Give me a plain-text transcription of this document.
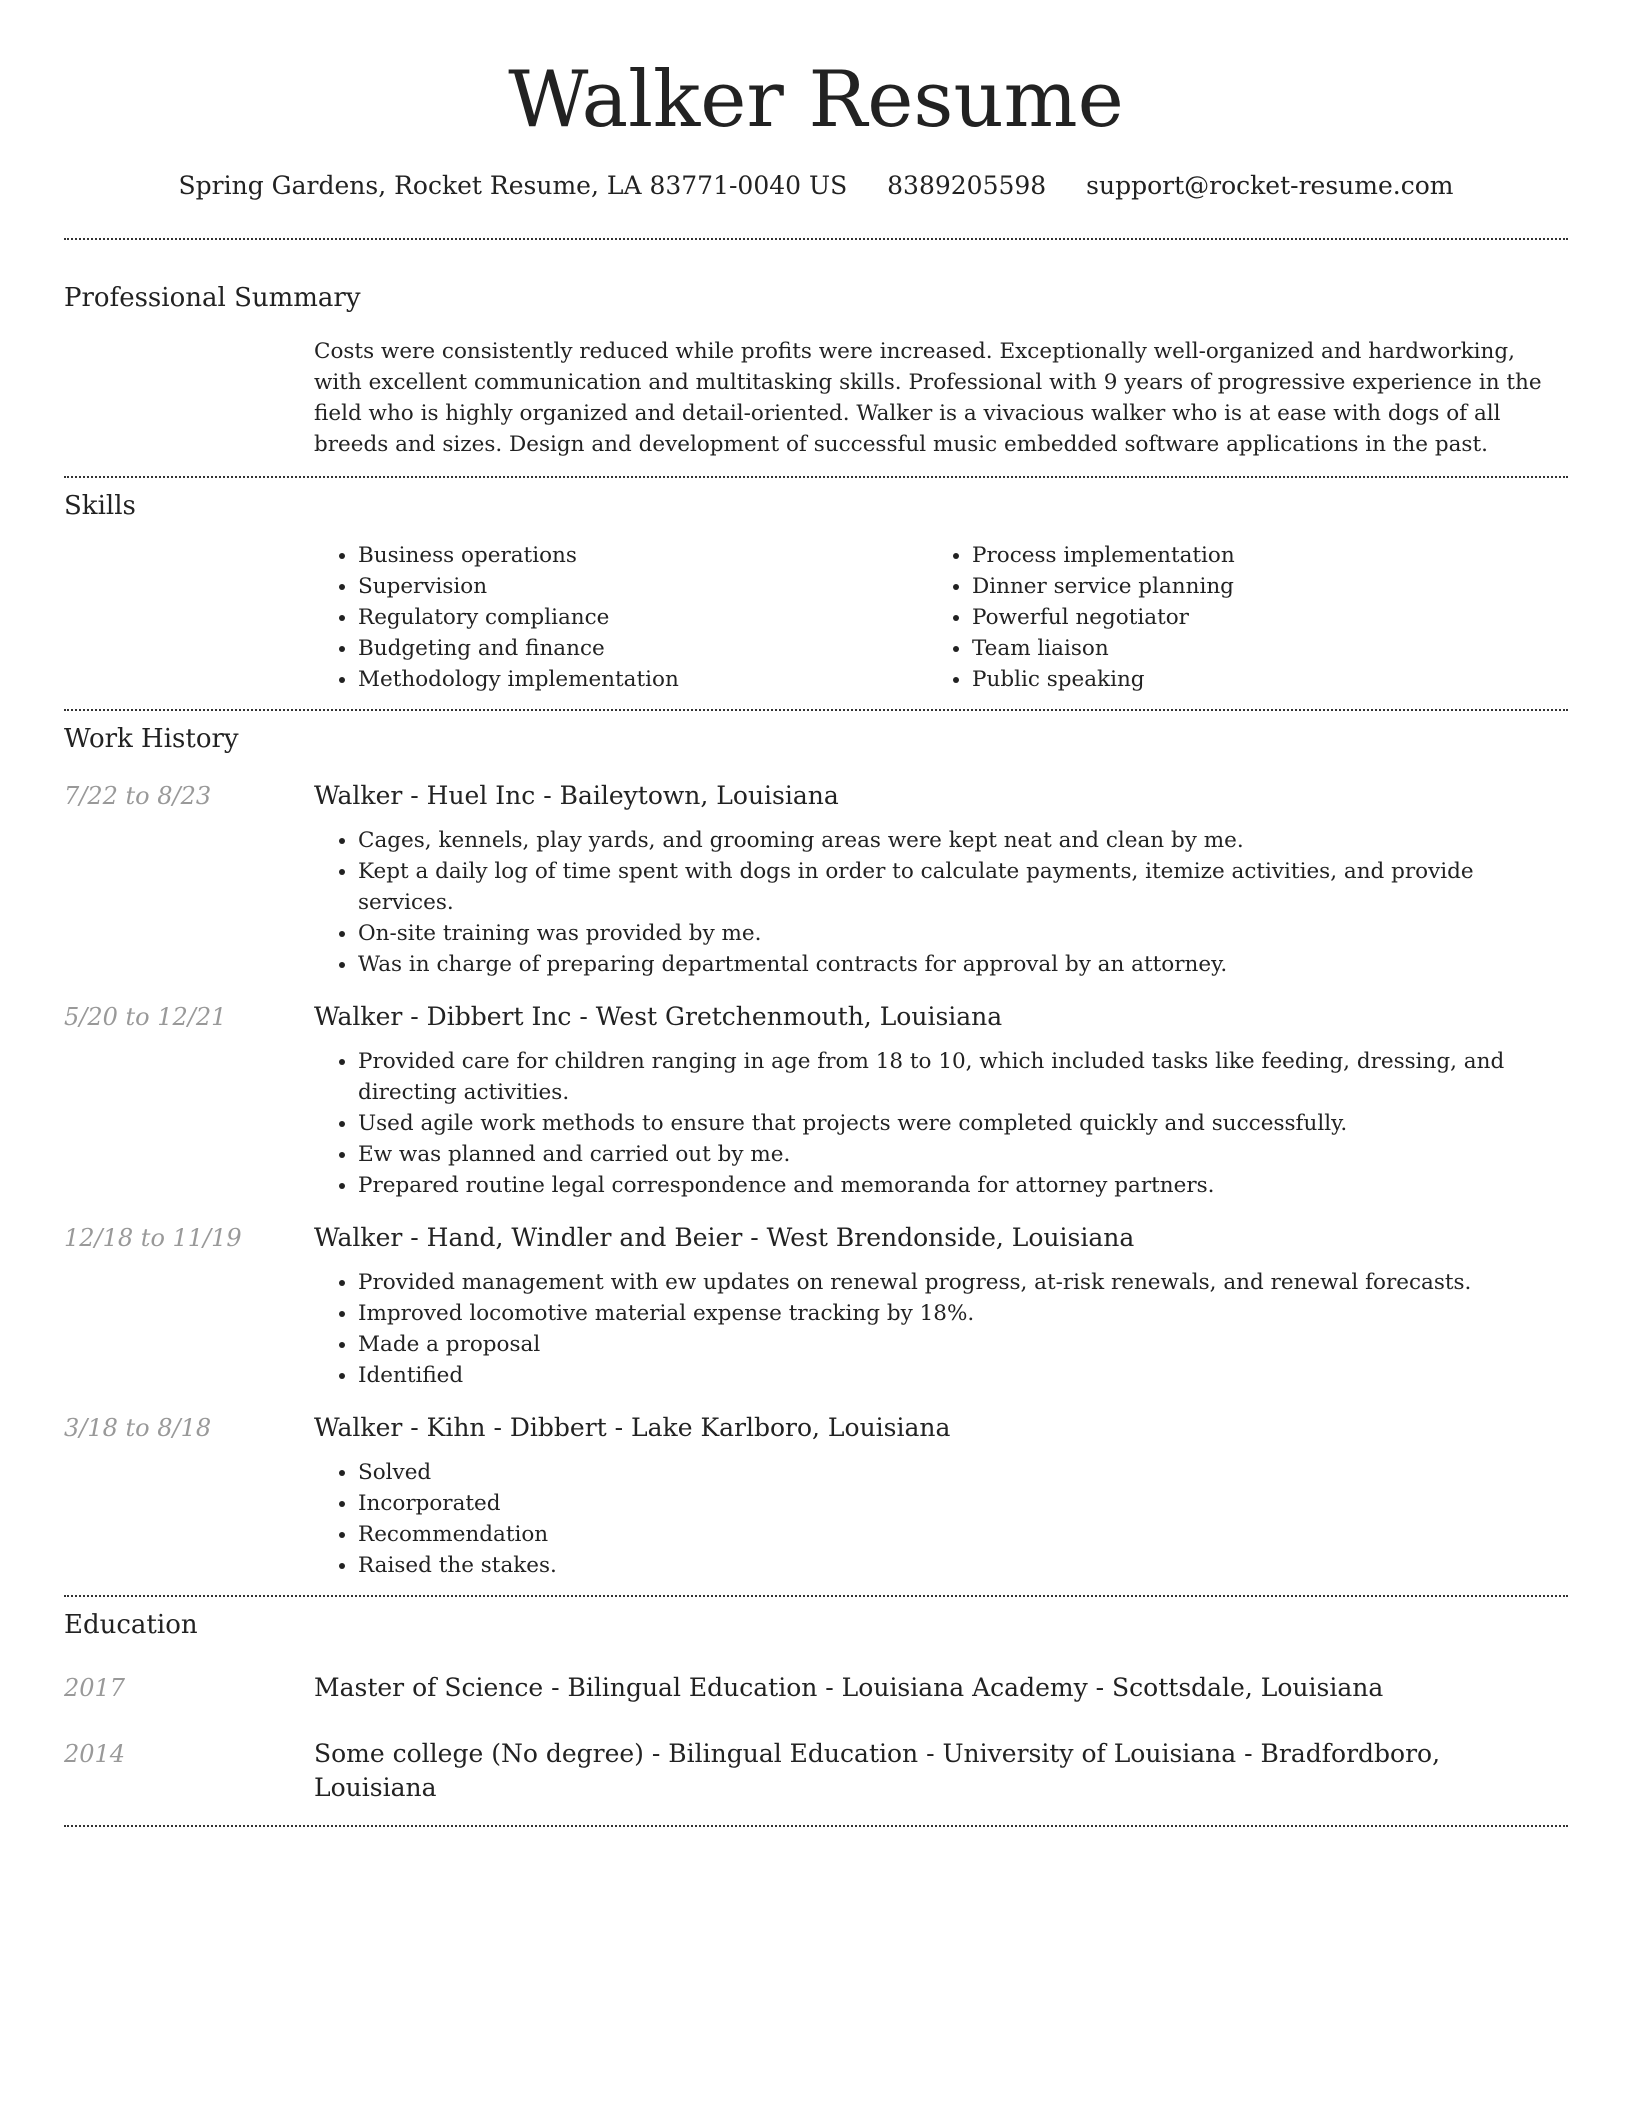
Walker Resume
Spring Gardens, Rocket Resume, LA 83771-0040 US 8389205598 support@rocket-resume.com
Professional Summary

Costs were consistently reduced while profits were increased. Exceptionally well-organized and hardworking, with excellent communication and multitasking skills. Professional with 9 years of progressive experience in the field who is highly organized and detail-oriented. Walker is a vivacious walker who is at ease with dogs of all breeds and sizes. Design and development of successful music embedded software applications in the past.

Skills
• Business operations
• Supervision
• Regulatory compliance
• Budgeting and finance
• Methodology implementation
• Process implementation
• Dinner service planning
• Powerful negotiator
• Team liaison
• Public speaking
Work History
7/22 to 8/23	Walker - Huel Inc - Baileytown, Louisiana
• Cages, kennels, play yards, and grooming areas were kept neat and clean by me.
• Kept a daily log of time spent with dogs in order to calculate payments, itemize activities, and provide services.
• On-site training was provided by me.
• Was in charge of preparing departmental contracts for approval by an attorney.
5/20 to 12/21	Walker - Dibbert Inc - West Gretchenmouth, Louisiana
• Provided care for children ranging in age from 18 to 10, which included tasks like feeding, dressing, and directing activities.
• Used agile work methods to ensure that projects were completed quickly and successfully.
• Ew was planned and carried out by me.
• Prepared routine legal correspondence and memoranda for attorney partners.
12/18 to 11/19	Walker - Hand, Windler and Beier - West Brendonside, Louisiana
• Provided management with ew updates on renewal progress, at-risk renewals, and renewal forecasts.
• Improved locomotive material expense tracking by 18%.
• Made a proposal
• Identified
3/18 to 8/18	Walker - Kihn - Dibbert - Lake Karlboro, Louisiana
• Solved
• Incorporated
• Recommendation
• Raised the stakes.
Education
2017	Master of Science - Bilingual Education - Louisiana Academy - Scottsdale, Louisiana
2014	Some college (No degree) - Bilingual Education - University of Louisiana - Bradfordboro, Louisiana
